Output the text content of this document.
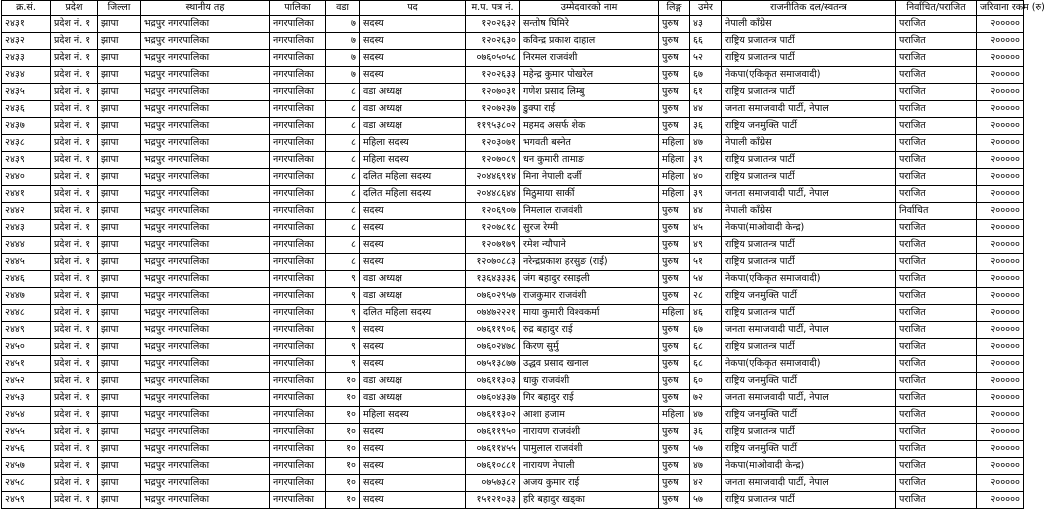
क्र.सं.	प्रदेश	जिल्ला	स्थानीय तह	पालिका	वडा	पद	म.प. पत्र नं.	उम्मेदवारको नाम	लिङ्ग	उमेर	राजनीतिक दल/स्वतन्त्र	निर्वाचित/पराजित	जरिवाना रकम (रु)
२४३१	प्रदेश नं. १	झापा	भद्रपुर नगरपालिका	नगरपालिका	७	सदस्य	१२०२६३२	सन्तोष घिमिरे	पुरुष	४३	नेपाली काँग्रेस	पराजित	२०००००
२४३२	प्रदेश नं. १	झापा	भद्रपुर नगरपालिका	नगरपालिका	७	सदस्य	१२०२६३०	कविन्द्र प्रकाश दाहाल	पुरुष	६६	राष्ट्रिय प्रजातन्त्र पार्टी	पराजित	२०००००
२४३३	प्रदेश नं. १	झापा	भद्रपुर नगरपालिका	नगरपालिका	७	सदस्य	०७६०५०५८	निरमल राजवंशी	पुरुष	५२	राष्ट्रिय प्रजातन्त्र पार्टी	पराजित	२०००००
२४३४	प्रदेश नं. १	झापा	भद्रपुर नगरपालिका	नगरपालिका	७	सदस्य	१२०२६३३	महेन्द्र कुमार पोखरेल	पुरुष	६७	नेकपा(एकिकृत समाजवादी)	पराजित	२०००००
२४३५	प्रदेश नं. १	झापा	भद्रपुर नगरपालिका	नगरपालिका	८	वडा अध्यक्ष	१२०७०३१	गणेश प्रसाद लिम्बु	पुरुष	६१	राष्ट्रिय प्रजातन्त्र पार्टी	पराजित	२०००००
२४३६	प्रदेश नं. १	झापा	भद्रपुर नगरपालिका	नगरपालिका	८	वडा अध्यक्ष	१२०७२३७	डुक्पा राई	पुरुष	४४	जनता समाजवादी पार्टी, नेपाल	पराजित	२०००००
२४३७	प्रदेश नं. १	झापा	भद्रपुर नगरपालिका	नगरपालिका	८	वडा अध्यक्ष	११९५३८०२	महमद असर्फ शेक	पुरुष	३६	राष्ट्रिय जनमुक्ति पार्टी	पराजित	२०००००
२४३८	प्रदेश नं. १	झापा	भद्रपुर नगरपालिका	नगरपालिका	८	महिला सदस्य	१२०३०७१	भगवती बस्नेत	महिला	४७	नेपाली काँग्रेस	पराजित	२०००००
२४३९	प्रदेश नं. १	झापा	भद्रपुर नगरपालिका	नगरपालिका	८	महिला सदस्य	१२०७०८९	धन कुमारी तामाङ	महिला	३९	राष्ट्रिय प्रजातन्त्र पार्टी	पराजित	२०००००
२४४०	प्रदेश नं. १	झापा	भद्रपुर नगरपालिका	नगरपालिका	८	दलित महिला सदस्य	२०४४६९१४	मिना नेपाली दर्जी	महिला	४०	राष्ट्रिय प्रजातन्त्र पार्टी	पराजित	२०००००
२४४१	प्रदेश नं. १	झापा	भद्रपुर नगरपालिका	नगरपालिका	८	दलित महिला सदस्य	२०४४८६४४	मिठुमाया सार्की	महिला	३९	जनता समाजवादी पार्टी, नेपाल	पराजित	२०००००
२४४२	प्रदेश नं. १	झापा	भद्रपुर नगरपालिका	नगरपालिका	८	सदस्य	१२०६९०७	निमलाल राजवंशी	पुरुष	४४	नेपाली काँग्रेस	निर्वाचित	२०००००
२४४३	प्रदेश नं. १	झापा	भद्रपुर नगरपालिका	नगरपालिका	८	सदस्य	१२०७८१८	सुरज रेग्मी	पुरुष	४५	नेकपा(माओवादी केन्द्र)	पराजित	२०००००
२४४४	प्रदेश नं. १	झापा	भद्रपुर नगरपालिका	नगरपालिका	८	सदस्य	१२०७१७९	रमेश न्यौपाने	पुरुष	४९	राष्ट्रिय प्रजातन्त्र पार्टी	पराजित	२०००००
२४४५	प्रदेश नं. १	झापा	भद्रपुर नगरपालिका	नगरपालिका	८	सदस्य	१२०७०८८३	नरेन्द्रप्रकाश हरसुङ (राई)	पुरुष	५१	राष्ट्रिय प्रजातन्त्र पार्टी	पराजित	२०००००
२४४६	प्रदेश नं. १	झापा	भद्रपुर नगरपालिका	नगरपालिका	९	वडा अध्यक्ष	१३६४३३३६	जंग बहादुर रसाइली	पुरुष	५४	नेकपा(एकिकृत समाजवादी)	पराजित	२०००००
२४४७	प्रदेश नं. १	झापा	भद्रपुर नगरपालिका	नगरपालिका	९	वडा अध्यक्ष	०७६०२९५७	राजकुमार राजवंशी	पुरुष	२८	राष्ट्रिय जनमुक्ति पार्टी	पराजित	२०००००
२४४८	प्रदेश नं. १	झापा	भद्रपुर नगरपालिका	नगरपालिका	९	दलित महिला सदस्य	०७४७२२२१	माया कुमारी विश्वकर्मा	महिला	४६	राष्ट्रिय प्रजातन्त्र पार्टी	पराजित	२०००००
२४४९	प्रदेश नं. १	झापा	भद्रपुर नगरपालिका	नगरपालिका	९	सदस्य	०७६११९०६	रुद्र बहादुर राई	पुरुष	६७	जनता समाजवादी पार्टी, नेपाल	पराजित	२०००००
२४५०	प्रदेश नं. १	झापा	भद्रपुर नगरपालिका	नगरपालिका	९	सदस्य	०७६०२४७८	किरण सुर्मु	पुरुष	६८	राष्ट्रिय प्रजातन्त्र पार्टी	पराजित	२०००००
२४५१	प्रदेश नं. १	झापा	भद्रपुर नगरपालिका	नगरपालिका	९	सदस्य	०७५१३८७७	उद्धव प्रसाद खनाल	पुरुष	६८	नेकपा(एकिकृत समाजवादी)	पराजित	२०००००
२४५२	प्रदेश नं. १	झापा	भद्रपुर नगरपालिका	नगरपालिका	१०	वडा अध्यक्ष	०७६११३०३	धाकु राजवंशी	पुरुष	६०	राष्ट्रिय जनमुक्ति पार्टी	पराजित	२०००००
२४५३	प्रदेश नं. १	झापा	भद्रपुर नगरपालिका	नगरपालिका	१०	वडा अध्यक्ष	०७६०४३३७	गिर बहादुर राई	पुरुष	७२	जनता समाजवादी पार्टी, नेपाल	पराजित	२०००००
२४५४	प्रदेश नं. १	झापा	भद्रपुर नगरपालिका	नगरपालिका	१०	महिला सदस्य	०७६११३०२	आशा हजाम	महिला	४७	राष्ट्रिय जनमुक्ति पार्टी	पराजित	२०००००
२४५५	प्रदेश नं. १	झापा	भद्रपुर नगरपालिका	नगरपालिका	१०	सदस्य	०७६११९५०	नारायण राजवंशी	पुरुष	३६	राष्ट्रिय प्रजातन्त्र पार्टी	पराजित	२०००००
२४५६	प्रदेश नं. १	झापा	भद्रपुर नगरपालिका	नगरपालिका	१०	सदस्य	०७६११४५५	पामुलाल राजवंशी	पुरुष	५७	राष्ट्रिय जनमुक्ति पार्टी	पराजित	२०००००
२४५७	प्रदेश नं. १	झापा	भद्रपुर नगरपालिका	नगरपालिका	१०	सदस्य	०७६१०८८१	नारायण नेपाली	पुरुष	४७	नेकपा(माओवादी केन्द्र)	पराजित	२०००००
२४५८	प्रदेश नं. १	झापा	भद्रपुर नगरपालिका	नगरपालिका	१०	सदस्य	०७५७३८२	अजय कुमार राई	पुरुष	४२	जनता समाजवादी पार्टी, नेपाल	पराजित	२०००००
२४५९	प्रदेश नं. १	झापा	भद्रपुर नगरपालिका	नगरपालिका	१०	सदस्य	१५१२१०३३	हरि बहादुर खड्का	पुरुष	५७	राष्ट्रिय प्रजातन्त्र पार्टी	पराजित	२०००००
